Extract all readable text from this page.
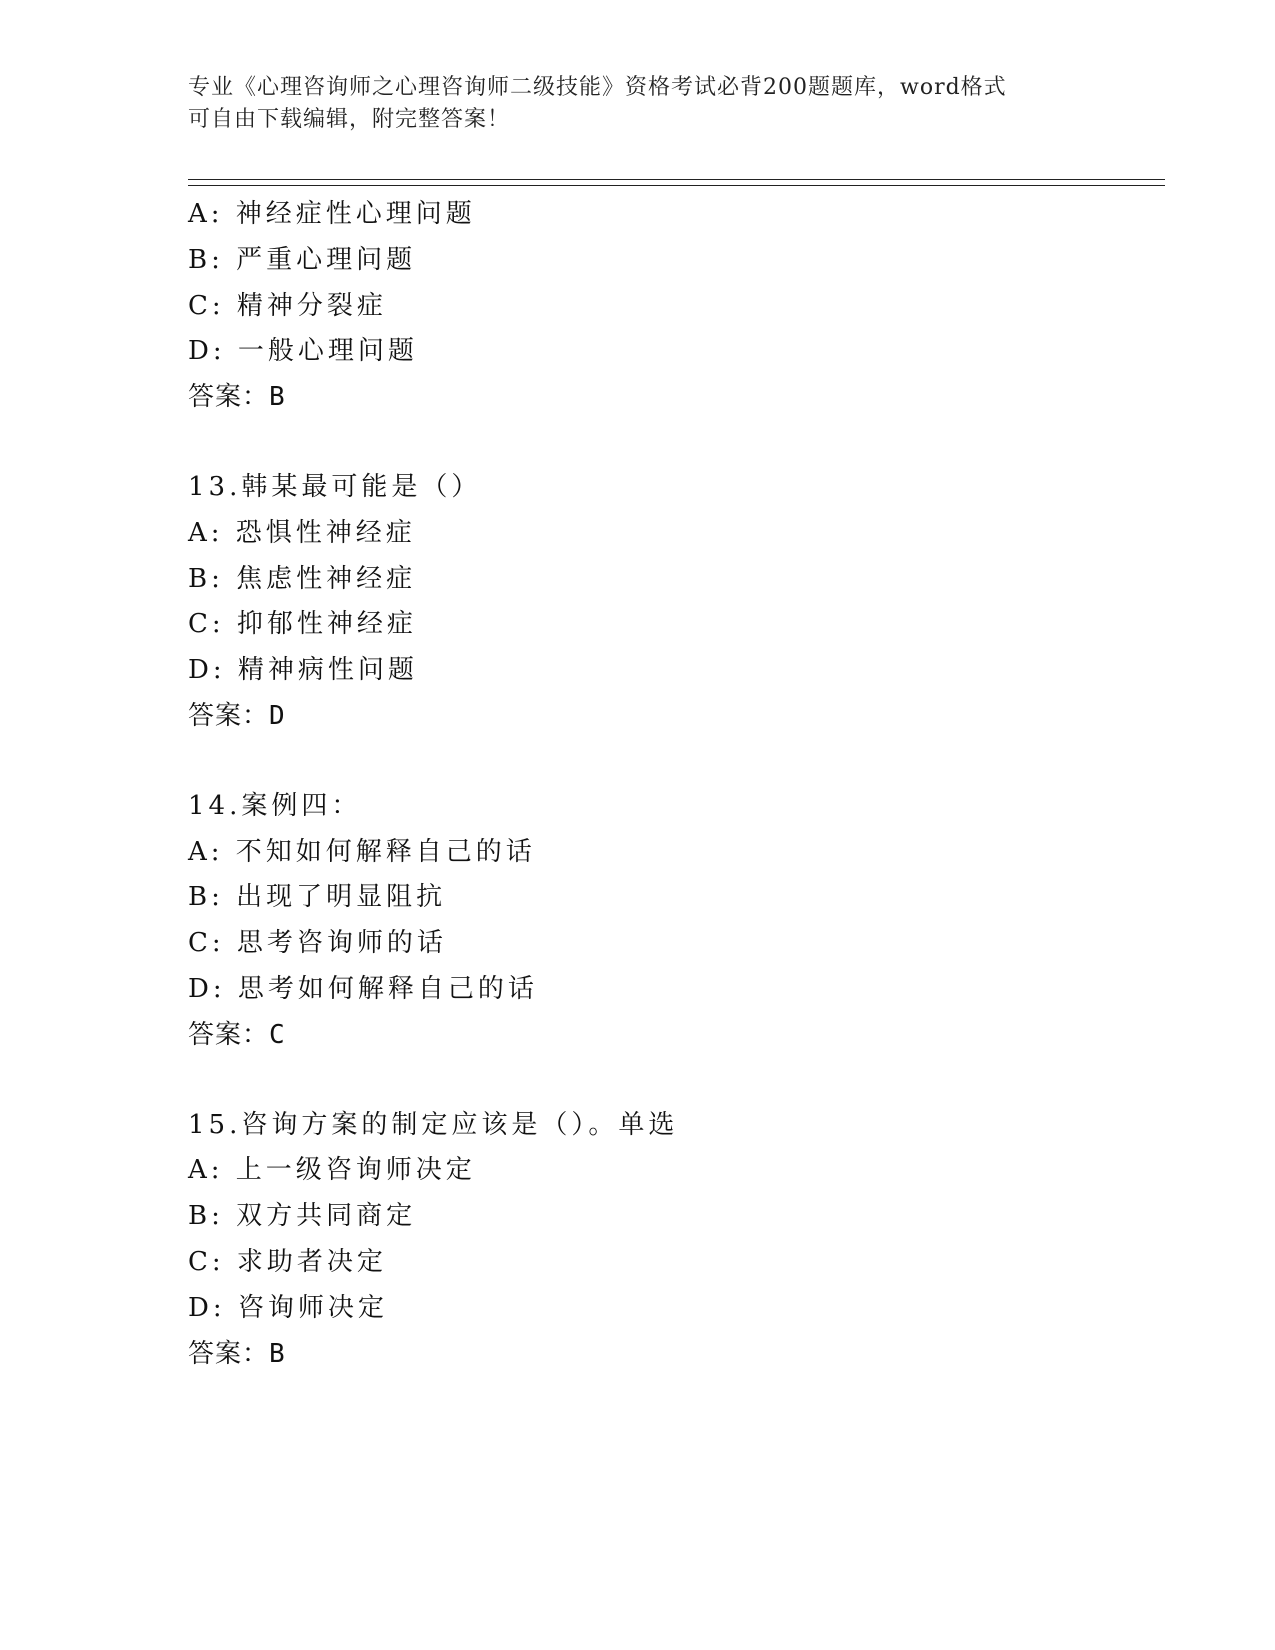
专业《心理咨询师之心理咨询师二级技能》资格考试必背200题题库，word格式

可自由下载编辑，附完整答案！

A: 神经症性心理问题
B: 严重心理问题
C: 精神分裂症
D: 一般心理问题
答案：B
13.韩某最可能是（）
A: 恐惧性神经症
B: 焦虑性神经症
C: 抑郁性神经症
D: 精神病性问题
答案：D
14.案例四：
A: 不知如何解释自己的话
B: 出现了明显阻抗
C: 思考咨询师的话
D: 思考如何解释自己的话
答案：C
15.咨询方案的制定应该是（）。单选
A: 上一级咨询师决定
B: 双方共同商定
C: 求助者决定
D: 咨询师决定
答案：B
